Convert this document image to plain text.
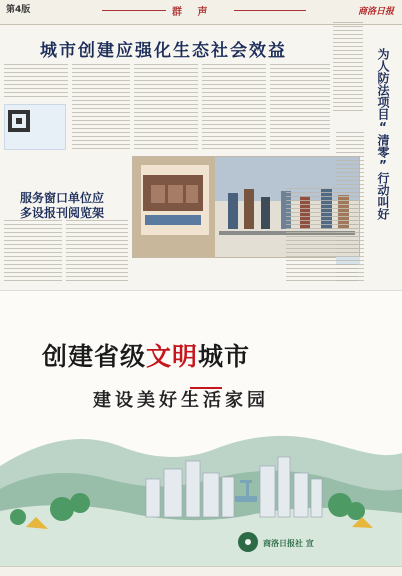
第4版	群 声	商洛日报
城市创建应强化生态社会效益
服务窗口单位应
多设报刊阅览架	为人防法项目“清零”行动叫好
创建省级文明城市
建设美好生活家园
商洛日报社 宣
